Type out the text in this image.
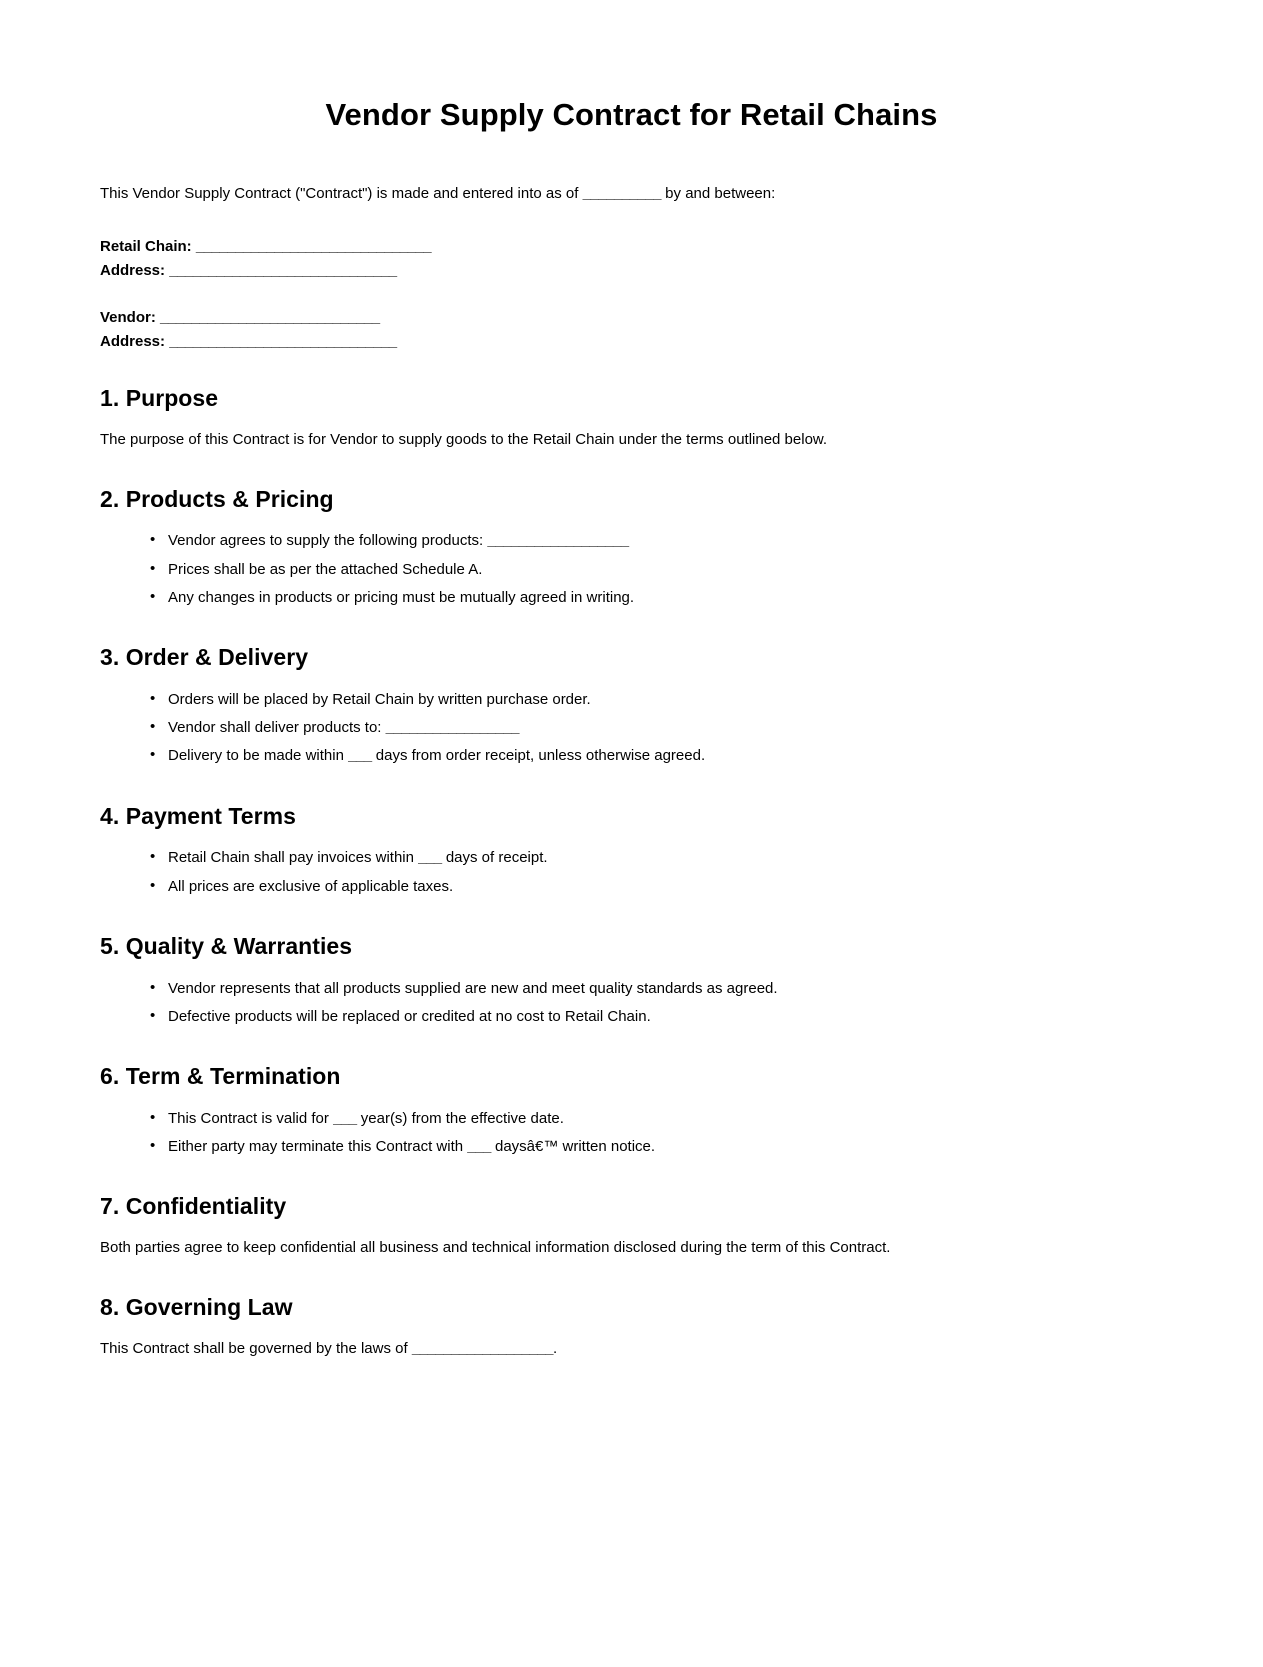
Vendor Supply Contract for Retail Chains

This Vendor Supply Contract ("Contract") is made and entered into as of __________ by and between:

Retail Chain: ______________________________
Address: _____________________________
Vendor: ____________________________
Address: _____________________________
1. Purpose

The purpose of this Contract is for Vendor to supply goods to the Retail Chain under the terms outlined below.

2. Products & Pricing
• Vendor agrees to supply the following products: __________________
• Prices shall be as per the attached Schedule A.
• Any changes in products or pricing must be mutually agreed in writing.
3. Order & Delivery
• Orders will be placed by Retail Chain by written purchase order.
• Vendor shall deliver products to: _________________
• Delivery to be made within ___ days from order receipt, unless otherwise agreed.
4. Payment Terms
• Retail Chain shall pay invoices within ___ days of receipt.
• All prices are exclusive of applicable taxes.
5. Quality & Warranties
• Vendor represents that all products supplied are new and meet quality standards as agreed.
• Defective products will be replaced or credited at no cost to Retail Chain.
6. Term & Termination
• This Contract is valid for ___ year(s) from the effective date.
• Either party may terminate this Contract with ___ daysâ€™ written notice.
7. Confidentiality

Both parties agree to keep confidential all business and technical information disclosed during the term of this Contract.

8. Governing Law

This Contract shall be governed by the laws of __________________.
